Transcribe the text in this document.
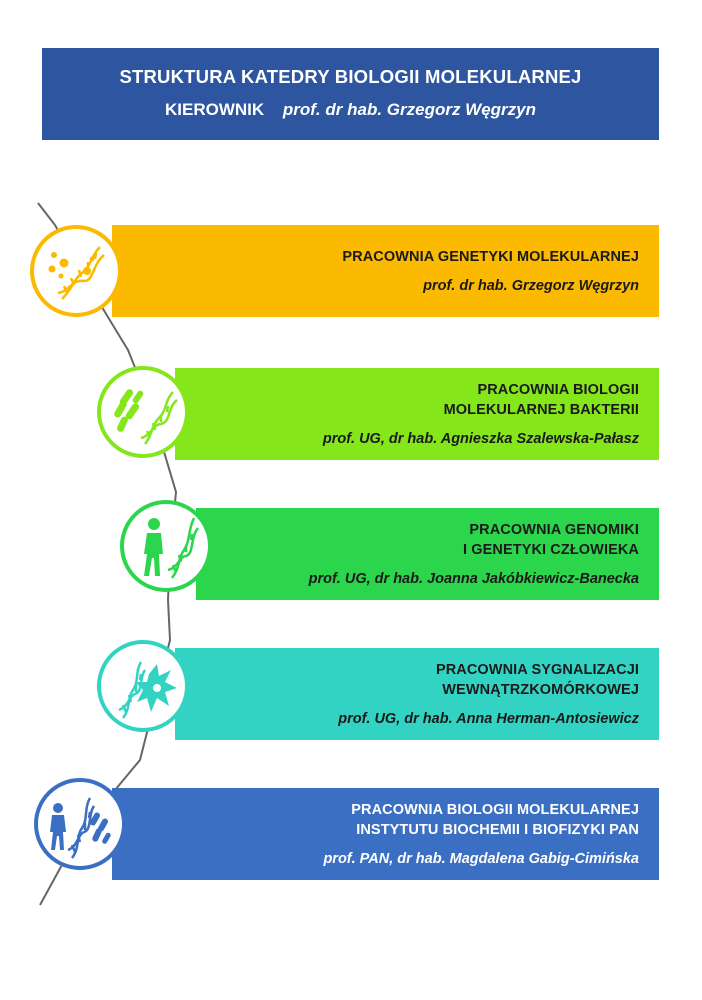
STRUKTURA KATEDRY BIOLOGII MOLEKULARNEJ
KIEROWNIK prof. dr hab. Grzegorz Węgrzyn
PRACOWNIA GENETYKI MOLEKULARNEJ
prof. dr hab. Grzegorz Węgrzyn
PRACOWNIA BIOLOGII
MOLEKULARNEJ BAKTERII
prof. UG, dr hab. Agnieszka Szalewska-Pałasz
PRACOWNIA GENOMIKI
I GENETYKI CZŁOWIEKA
prof. UG, dr hab. Joanna Jakóbkiewicz-Banecka
PRACOWNIA SYGNALIZACJI
WEWNĄTRZKOMÓRKOWEJ
prof. UG, dr hab. Anna Herman-Antosiewicz
PRACOWNIA BIOLOGII MOLEKULARNEJ
INSTYTUTU BIOCHEMII I BIOFIZYKI PAN
prof. PAN, dr hab. Magdalena Gabig-Cimińska
